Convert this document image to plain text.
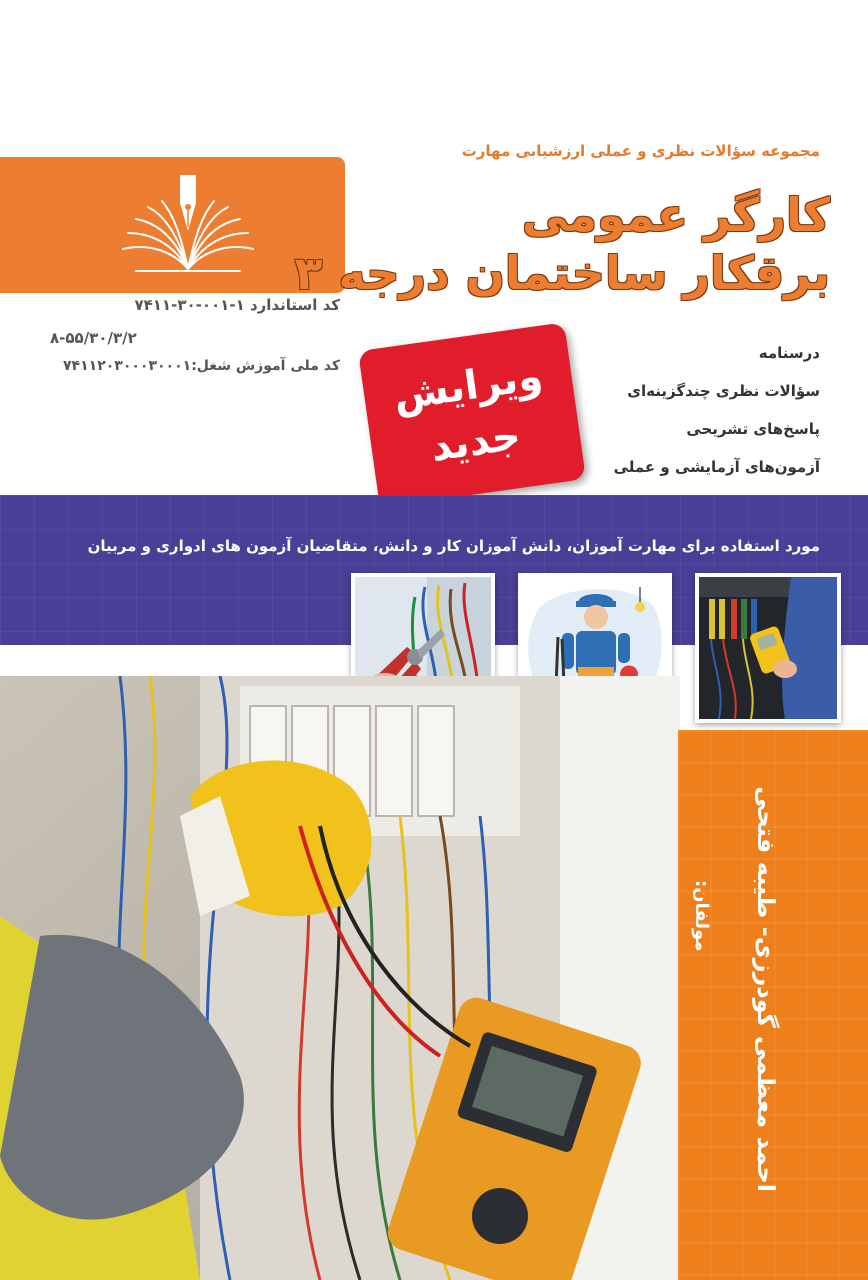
مجموعه سؤالات نظری و عملی ارزشیابی مهارت
کارگر عمومی
برقکار ساختمان درجه ۳
کد استاندارد ۱-۰۰۱-۳۰-۷۴۱۱
۸-۵۵/۳۰/۳/۲
کد ملی آموزش شغل:۷۴۱۱۲۰۳۰۰۰۳۰۰۰۱	ویرایش
جدید
درسنامه
سؤالات نظری چندگزینه‌ای
پاسخ‌های تشریحی
آزمون‌های آزمایشی و عملی
مورد استفاده برای مهارت آموزان، دانش آموزان کار و دانش، متقاضیان آزمون های ادواری و مربیان
مولفان: احمد معظمی گودرزی- طیبه فتحی
